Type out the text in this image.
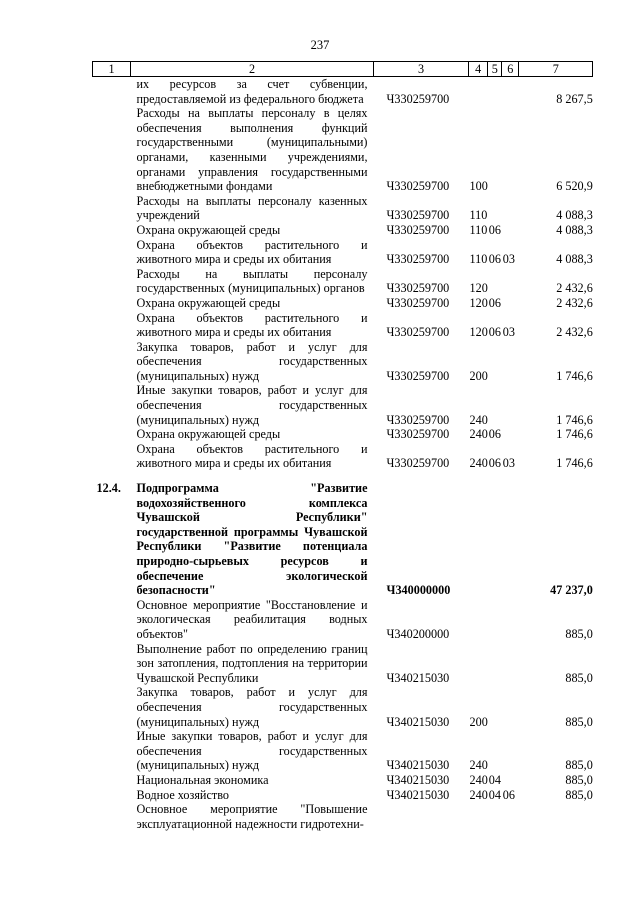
237
1	2	3	4	5	6	7
	их ресурсов за счет субвенции, предоставляемой из федерального бюджета	Ч330259700				8 267,5
	Расходы на выплаты персоналу в целях обеспечения выполнения функций государственными (муниципальными) органами, казенными учреждениями, органами управления государственными внебюджетными фондами	Ч330259700	100			6 520,9
	Расходы на выплаты персоналу казенных учреждений	Ч330259700	110			4 088,3
	Охрана окружающей среды	Ч330259700	110	06		4 088,3
	Охрана объектов растительного и животного мира и среды их обитания	Ч330259700	110	06	03	4 088,3
	Расходы на выплаты персоналу государственных (муниципальных) органов	Ч330259700	120			2 432,6
	Охрана окружающей среды	Ч330259700	120	06		2 432,6
	Охрана объектов растительного и животного мира и среды их обитания	Ч330259700	120	06	03	2 432,6
	Закупка товаров, работ и услуг для обеспечения государственных (муниципальных) нужд	Ч330259700	200			1 746,6
	Иные закупки товаров, работ и услуг для обеспечения государственных (муниципальных) нужд	Ч330259700	240			1 746,6
	Охрана окружающей среды	Ч330259700	240	06		1 746,6
	Охрана объектов растительного и животного мира и среды их обитания	Ч330259700	240	06	03	1 746,6

12.4.	Подпрограмма "Развитие водохозяйственного комплекса Чувашской Республики" государственной программы Чувашской Республики "Развитие потенциала природно-сырьевых ресурсов и обеспечение экологической безопасности"	Ч340000000				47 237,0
	Основное мероприятие "Восстановление и экологическая реабилитация водных объектов"	Ч340200000				885,0
	Выполнение работ по определению границ зон затопления, подтопления на территории Чувашской Республики	Ч340215030				885,0
	Закупка товаров, работ и услуг для обеспечения государственных (муниципальных) нужд	Ч340215030	200			885,0
	Иные закупки товаров, работ и услуг для обеспечения государственных (муниципальных) нужд	Ч340215030	240			885,0
	Национальная экономика	Ч340215030	240	04		885,0
	Водное хозяйство	Ч340215030	240	04	06	885,0
	Основное мероприятие "Повышение эксплуатационной надежности гидротехни-					
